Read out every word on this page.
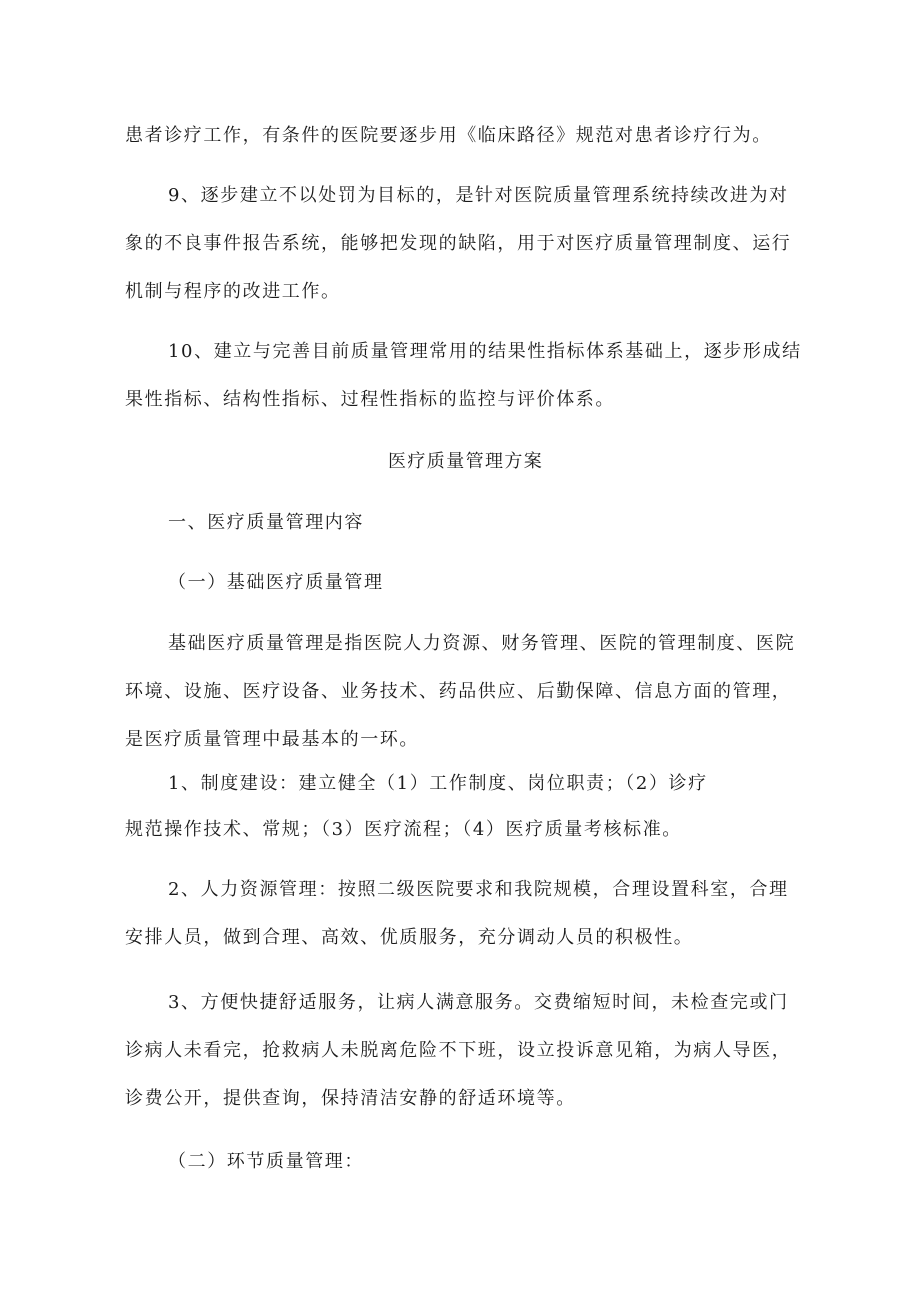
患者诊疗工作，有条件的医院要逐步用《临床路径》规范对患者诊疗行为。

9、逐步建立不以处罚为目标的，是针对医院质量管理系统持续改进为对

象的不良事件报告系统，能够把发现的缺陷，用于对医疗质量管理制度、运行

机制与程序的改进工作。

10、建立与完善目前质量管理常用的结果性指标体系基础上，逐步形成结

果性指标、结构性指标、过程性指标的监控与评价体系。

医疗质量管理方案

一、医疗质量管理内容

（一）基础医疗质量管理

基础医疗质量管理是指医院人力资源、财务管理、医院的管理制度、医院

环境、设施、医疗设备、业务技术、药品供应、后勤保障、信息方面的管理，

是医疗质量管理中最基本的一环。

1、制度建设：建立健全（1）工作制度、岗位职责；（2）诊疗

规范操作技术、常规；（3）医疗流程；（4）医疗质量考核标准。

2、人力资源管理：按照二级医院要求和我院规模，合理设置科室，合理

安排人员，做到合理、高效、优质服务，充分调动人员的积极性。

3、方便快捷舒适服务，让病人满意服务。交费缩短时间，未检查完或门

诊病人未看完，抢救病人未脱离危险不下班，设立投诉意见箱，为病人导医，

诊费公开，提供查询，保持清洁安静的舒适环境等。

（二）环节质量管理：
